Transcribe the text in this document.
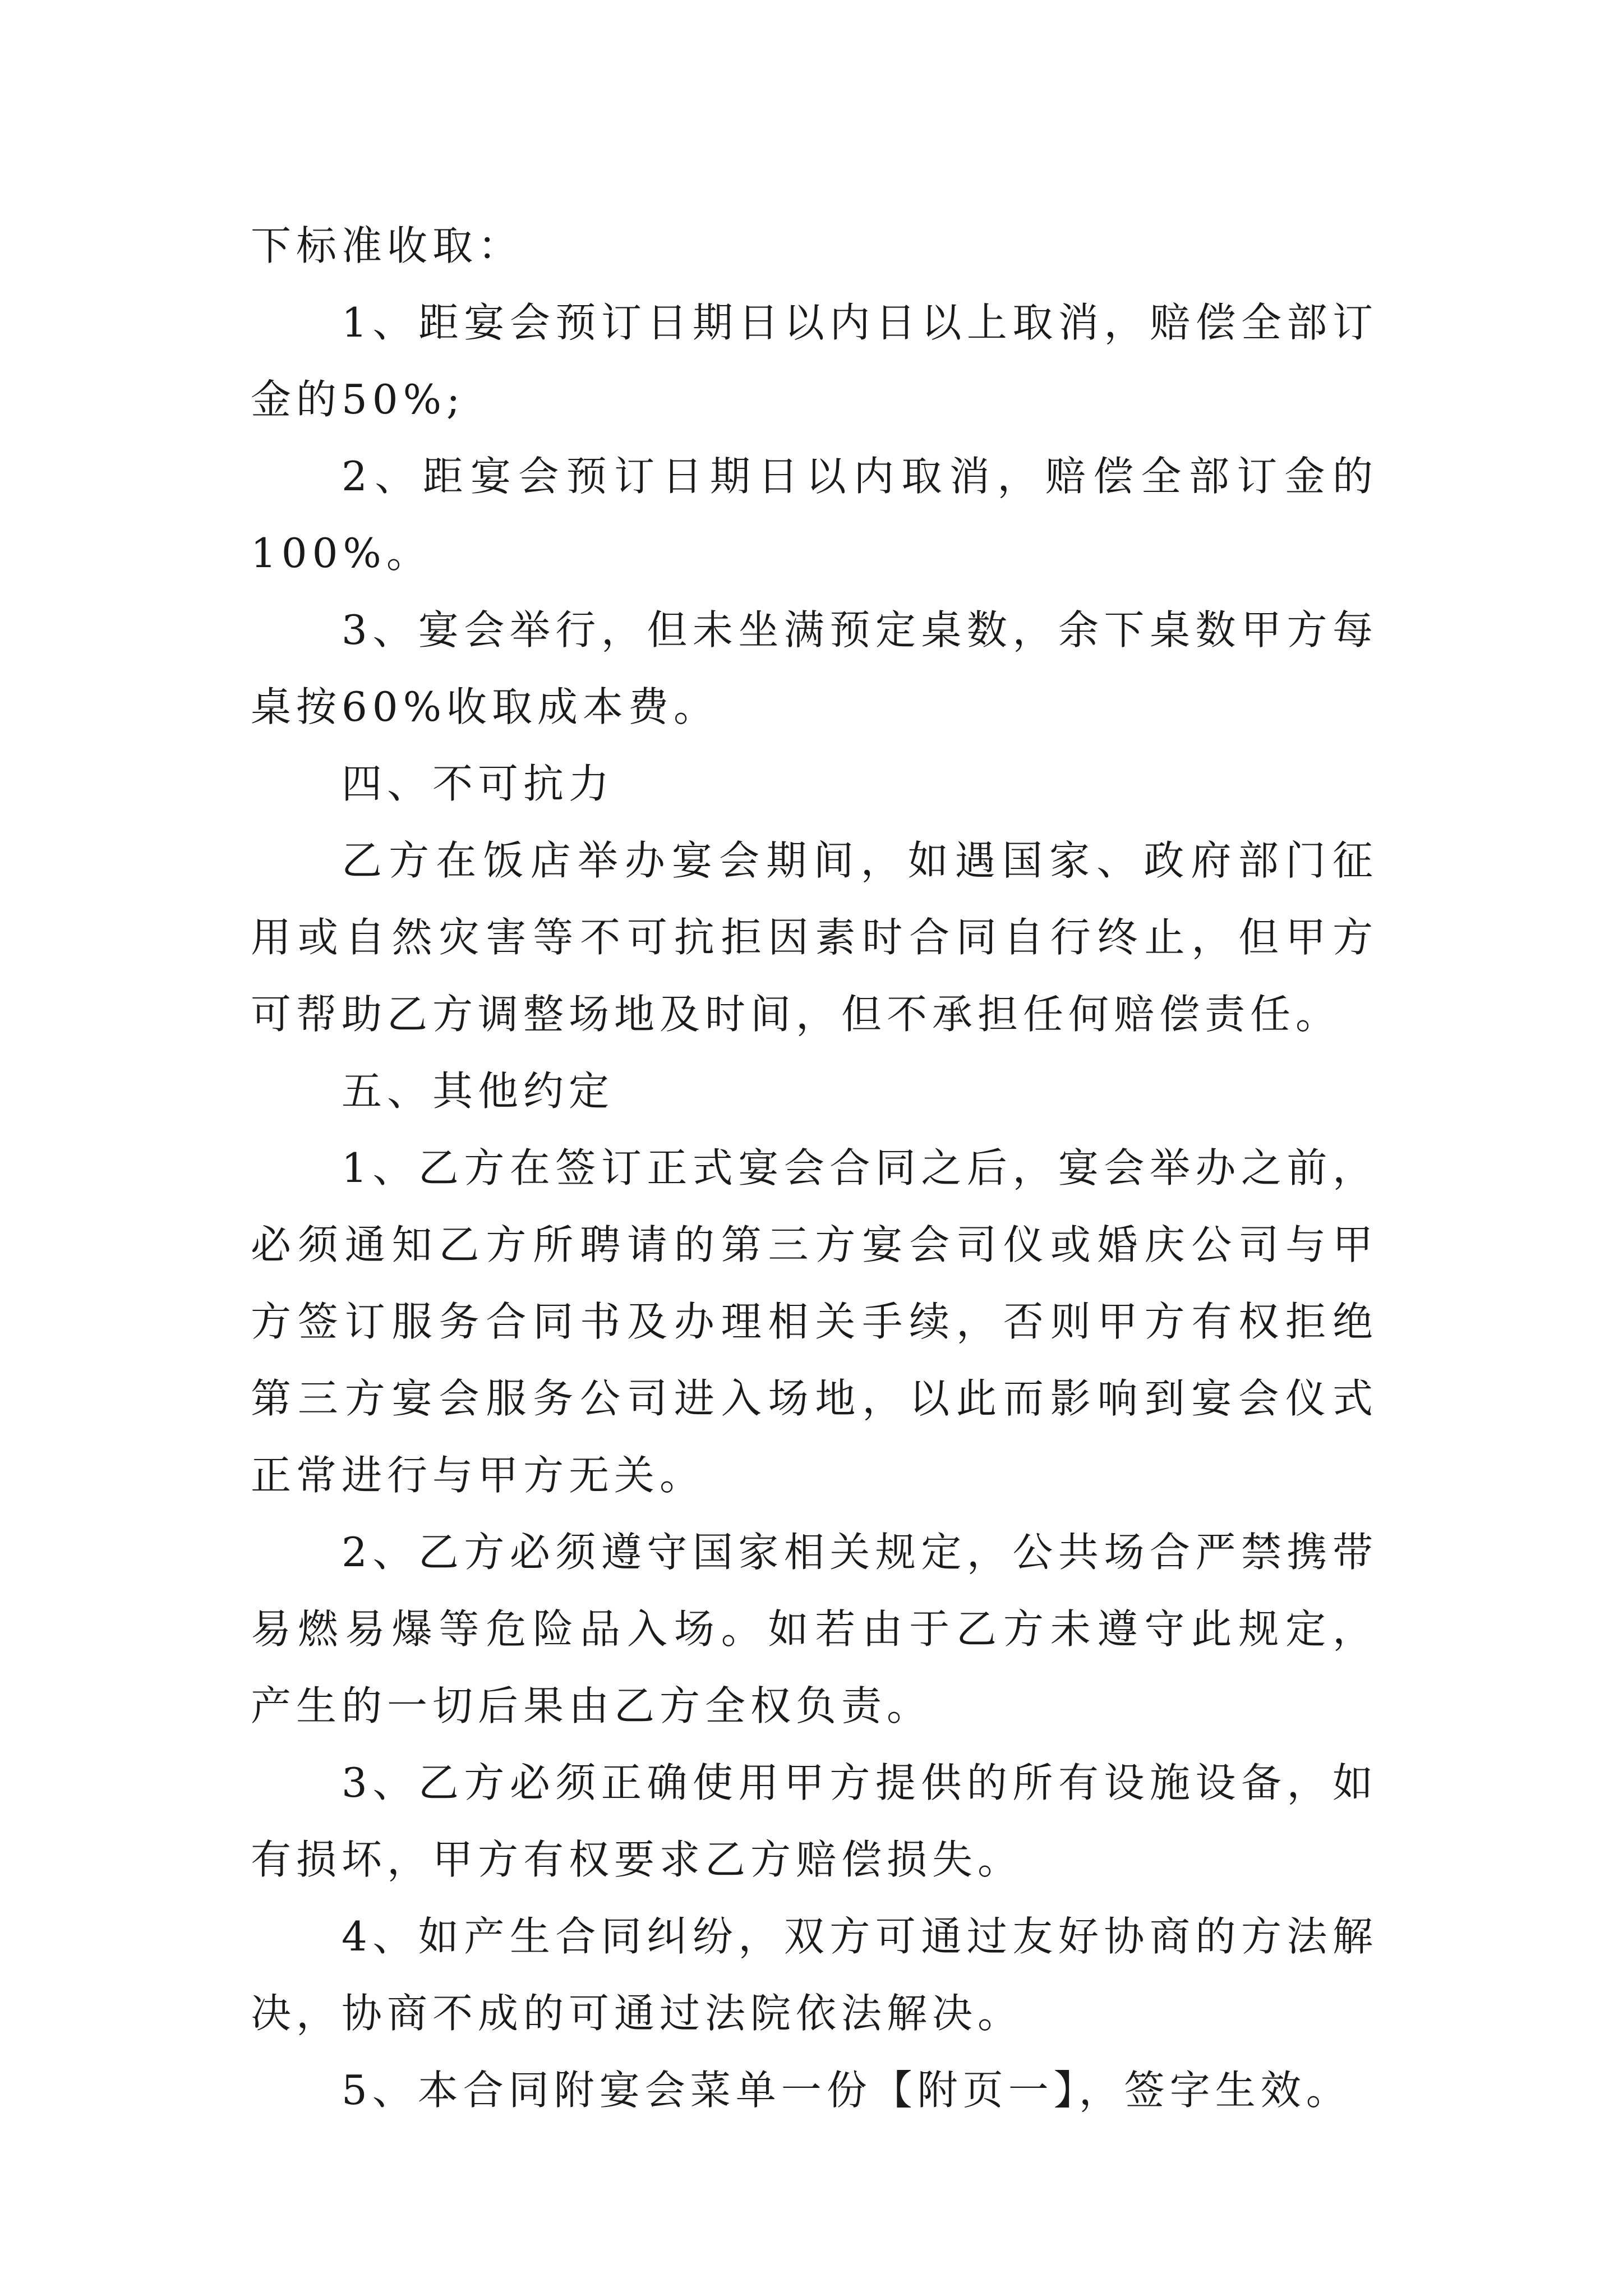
下标准收取：

1、距宴会预订日期日以内日以上取消，赔偿全部订金的50%;

2、距宴会预订日期日以内取消，赔偿全部订金的100%。

3、宴会举行，但未坐满预定桌数，余下桌数甲方每桌按60%收取成本费。

四、不可抗力

乙方在饭店举办宴会期间，如遇国家、政府部门征用或自然灾害等不可抗拒因素时合同自行终止，但甲方可帮助乙方调整场地及时间，但不承担任何赔偿责任。

五、其他约定

1、乙方在签订正式宴会合同之后，宴会举办之前，必须通知乙方所聘请的第三方宴会司仪或婚庆公司与甲方签订服务合同书及办理相关手续，否则甲方有权拒绝第三方宴会服务公司进入场地，以此而影响到宴会仪式正常进行与甲方无关。

2、乙方必须遵守国家相关规定，公共场合严禁携带易燃易爆等危险品入场。如若由于乙方未遵守此规定，产生的一切后果由乙方全权负责。

3、乙方必须正确使用甲方提供的所有设施设备，如有损坏，甲方有权要求乙方赔偿损失。

4、如产生合同纠纷，双方可通过友好协商的方法解决，协商不成的可通过法院依法解决。

5、本合同附宴会菜单一份【附页一】，签字生效。
